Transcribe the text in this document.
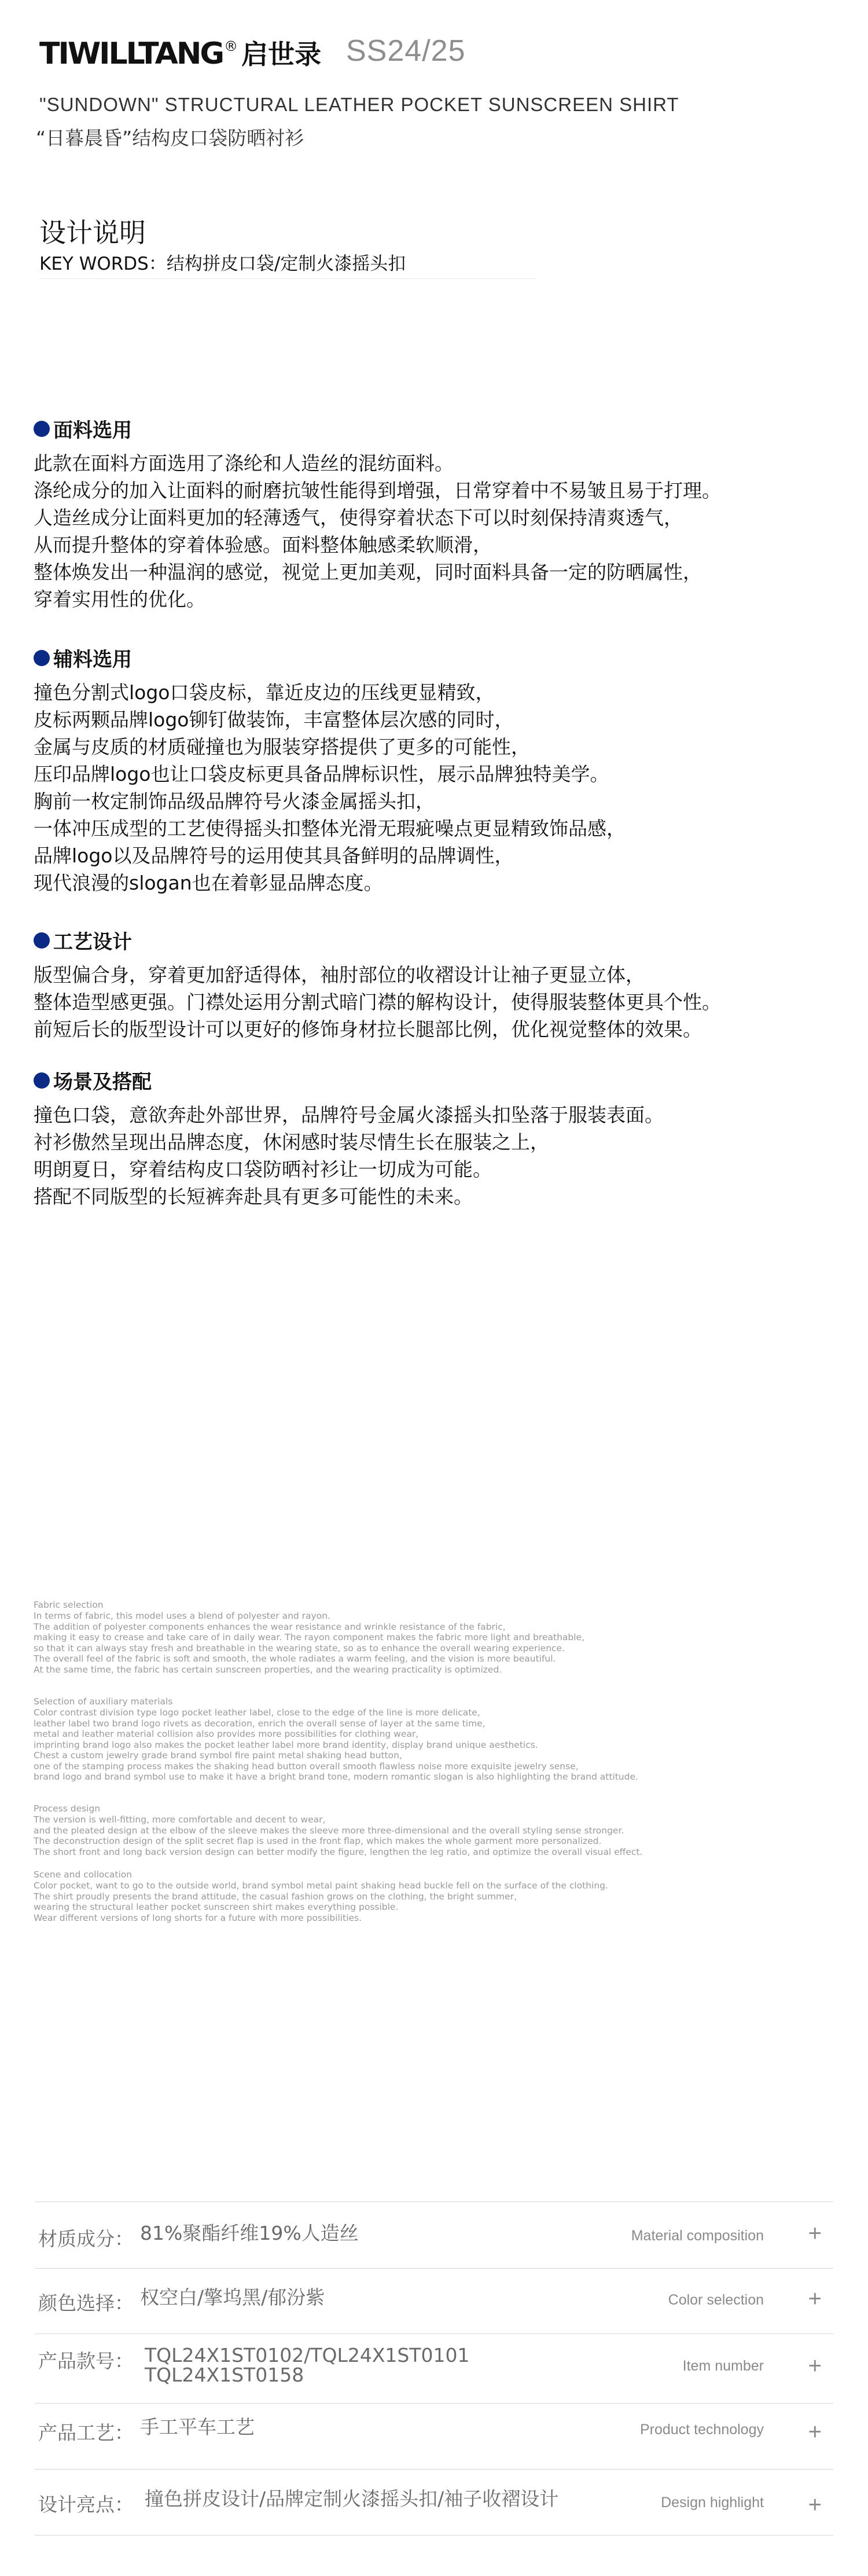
TIWILLTANG ® 启世录 SS24/25
"SUNDOWN" STRUCTURAL LEATHER POCKET SUNSCREEN SHIRT
“日暮晨昏”结构皮口袋防晒衬衫
设计说明
KEY WORDS：结构拼皮口袋/定制火漆摇头扣
面料选用
此款在面料方面选用了涤纶和人造丝的混纺面料。
涤纶成分的加入让面料的耐磨抗皱性能得到增强，日常穿着中不易皱且易于打理。
人造丝成分让面料更加的轻薄透气，使得穿着状态下可以时刻保持清爽透气，
从而提升整体的穿着体验感。面料整体触感柔软顺滑，
整体焕发出一种温润的感觉，视觉上更加美观，同时面料具备一定的防晒属性，
穿着实用性的优化。
辅料选用
撞色分割式logo口袋皮标，靠近皮边的压线更显精致，
皮标两颗品牌logo铆钉做装饰，丰富整体层次感的同时，
金属与皮质的材质碰撞也为服装穿搭提供了更多的可能性，
压印品牌logo也让口袋皮标更具备品牌标识性，展示品牌独特美学。
胸前一枚定制饰品级品牌符号火漆金属摇头扣，
一体冲压成型的工艺使得摇头扣整体光滑无瑕疵噪点更显精致饰品感，
品牌logo以及品牌符号的运用使其具备鲜明的品牌调性，
现代浪漫的slogan也在着彰显品牌态度。
工艺设计
版型偏合身，穿着更加舒适得体，袖肘部位的收褶设计让袖子更显立体，
整体造型感更强。门襟处运用分割式暗门襟的解构设计，使得服装整体更具个性。
前短后长的版型设计可以更好的修饰身材拉长腿部比例，优化视觉整体的效果。
场景及搭配
撞色口袋，意欲奔赴外部世界，品牌符号金属火漆摇头扣坠落于服装表面。
衬衫傲然呈现出品牌态度，休闲感时装尽情生长在服装之上，
明朗夏日，穿着结构皮口袋防晒衬衫让一切成为可能。
搭配不同版型的长短裤奔赴具有更多可能性的未来。
Fabric selection
In terms of fabric, this model uses a blend of polyester and rayon.
The addition of polyester components enhances the wear resistance and wrinkle resistance of the fabric,
making it easy to crease and take care of in daily wear. The rayon component makes the fabric more light and breathable,
so that it can always stay fresh and breathable in the wearing state, so as to enhance the overall wearing experience.
The overall feel of the fabric is soft and smooth, the whole radiates a warm feeling, and the vision is more beautiful.
At the same time, the fabric has certain sunscreen properties, and the wearing practicality is optimized.
Selection of auxiliary materials
Color contrast division type logo pocket leather label, close to the edge of the line is more delicate,
leather label two brand logo rivets as decoration, enrich the overall sense of layer at the same time,
metal and leather material collision also provides more possibilities for clothing wear,
imprinting brand logo also makes the pocket leather label more brand identity, display brand unique aesthetics.
Chest a custom jewelry grade brand symbol fire paint metal shaking head button,
one of the stamping process makes the shaking head button overall smooth flawless noise more exquisite jewelry sense,
brand logo and brand symbol use to make it have a bright brand tone, modern romantic slogan is also highlighting the brand attitude.
Process design
The version is well-fitting, more comfortable and decent to wear,
and the pleated design at the elbow of the sleeve makes the sleeve more three-dimensional and the overall styling sense stronger.
The deconstruction design of the split secret flap is used in the front flap, which makes the whole garment more personalized.
The short front and long back version design can better modify the figure, lengthen the leg ratio, and optimize the overall visual effect.
Scene and collocation
Color pocket, want to go to the outside world, brand symbol metal paint shaking head buckle fell on the surface of the clothing.
The shirt proudly presents the brand attitude, the casual fashion grows on the clothing, the bright summer,
wearing the structural leather pocket sunscreen shirt makes everything possible.
Wear different versions of long shorts for a future with more possibilities.
材质成分： 81%聚酯纤维19%人造丝	Material composition +
颜色选择： 权空白/擎坞黑/郁汾紫	Color selection +
产品款号： TQL24X1ST0102/TQL24X1ST0101
TQL24X1ST0158	Item number +
产品工艺： 手工平车工艺	Product technology +
设计亮点： 撞色拼皮设计/品牌定制火漆摇头扣/袖子收褶设计	Design highlight +
